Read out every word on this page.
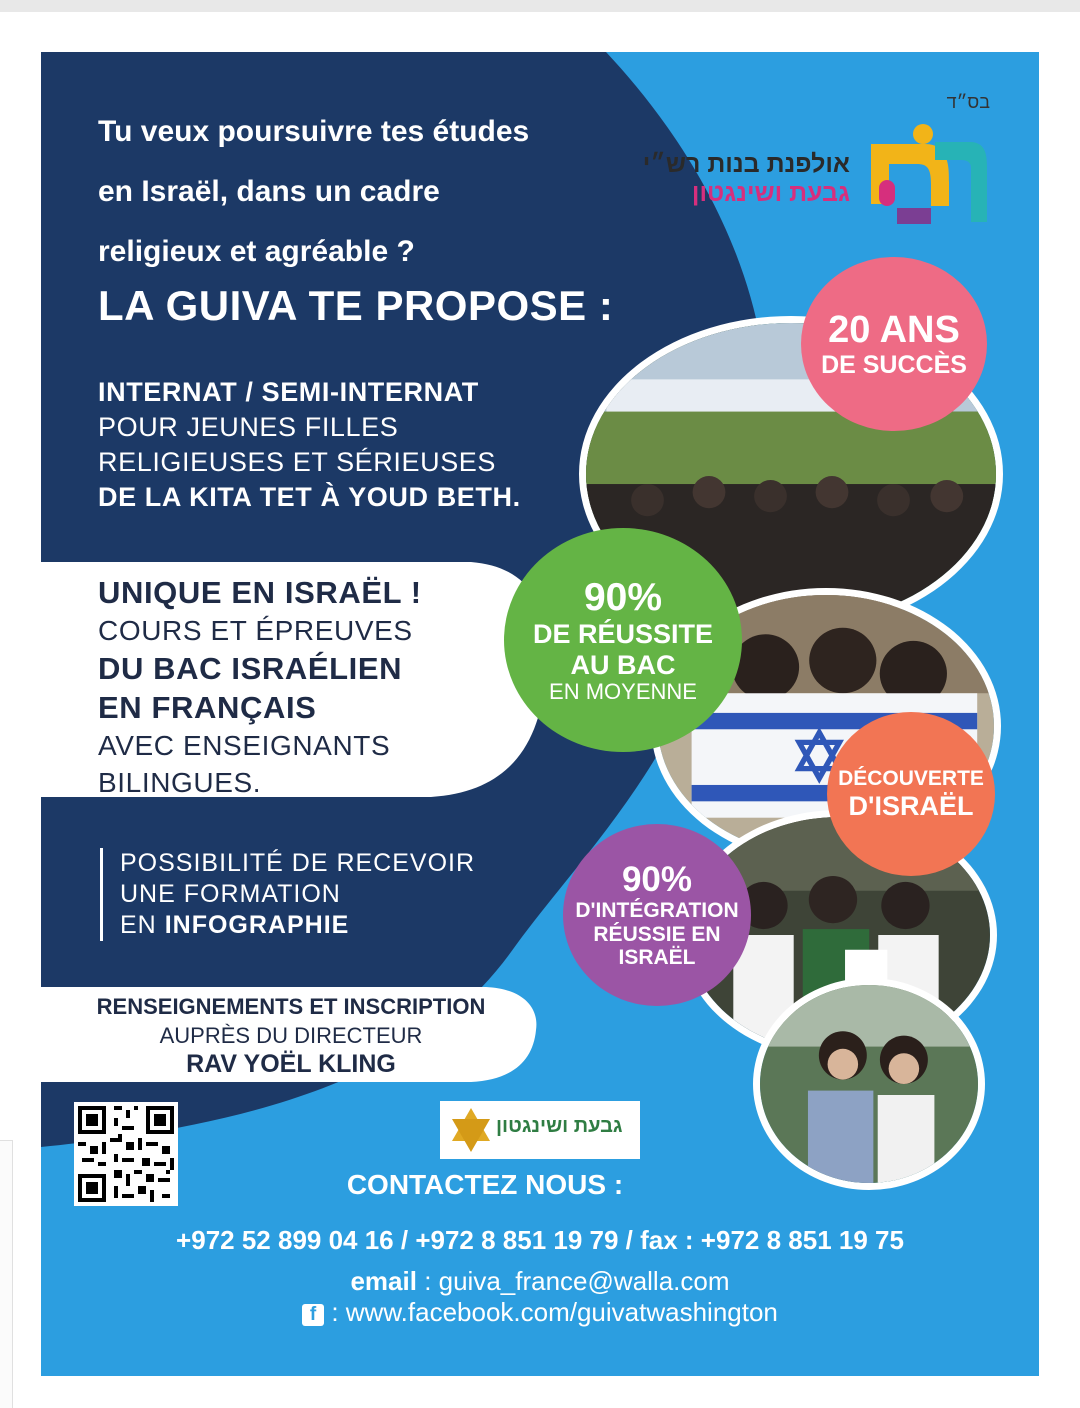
Tu veux poursuivre tes études
en Israël, dans un cadre
religieux et agréable ?
LA GUIVA TE PROPOSE :
INTERNAT / SEMI-INTERNAT
POUR JEUNES FILLES
RELIGIEUSES ET SÉRIEUSES
DE LA KITA TET À YOUD BETH.
UNIQUE EN ISRAËL !
COURS ET ÉPREUVES
DU BAC ISRAÉLIEN
EN FRANÇAIS
AVEC ENSEIGNANTS
BILINGUES.
POSSIBILITÉ DE RECEVOIR
UNE FORMATION
EN INFOGRAPHIE
RENSEIGNEMENTS ET INSCRIPTION
AUPRÈS DU DIRECTEUR
RAV YOËL KLING
בס״ד
אולפנת בנות רש״י
גבעת ושינגטון
20 ANS
DE SUCCÈS
90%
DE RÉUSSITE
AU BAC
EN MOYENNE
DÉCOUVERTE
D'ISRAËL
90%
D'INTÉGRATION
RÉUSSIE EN
ISRAËL
גבעת ושינגטון
CONTACTEZ NOUS :
+972 52 899 04 16 / +972 8 851 19 79 / fax : +972 8 851 19 75
email : guiva_france@walla.com
f : www.facebook.com/guivatwashington
